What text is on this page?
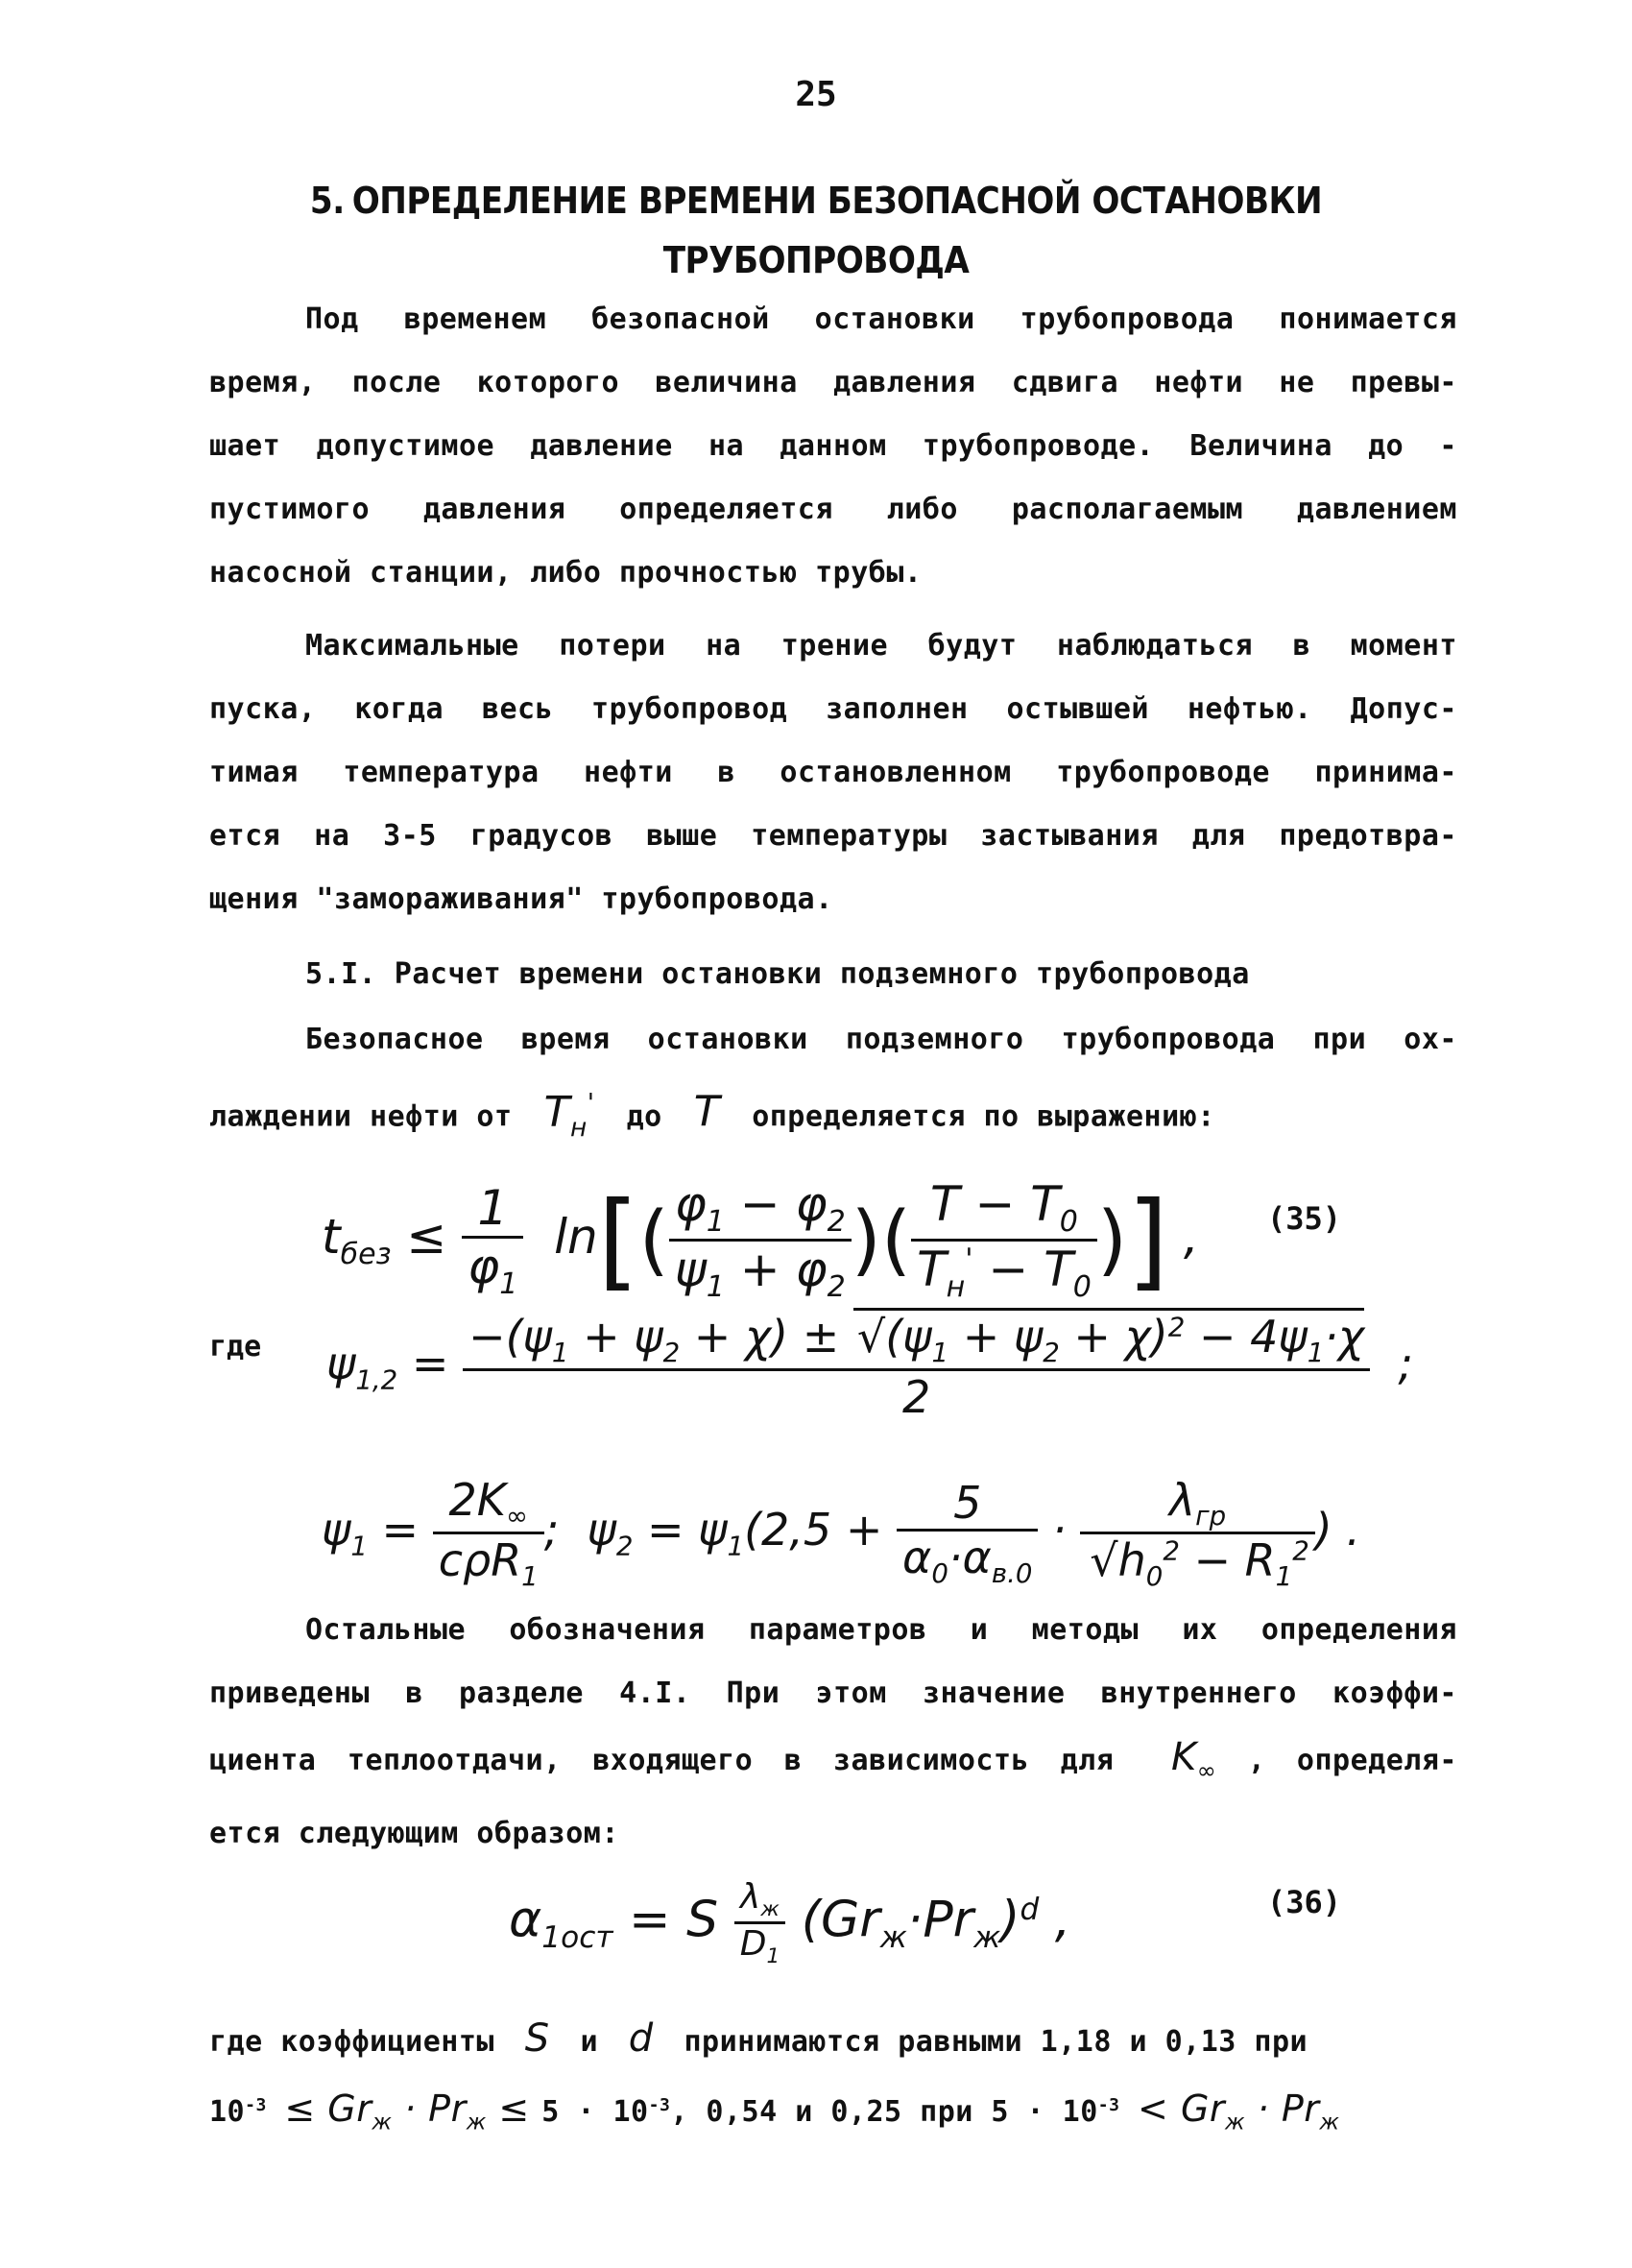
25
5. ОПРЕДЕЛЕНИЕ ВРЕМЕНИ БЕЗОПАСНОЙ ОСТАНОВКИ
ТРУБОПРОВОДА

Под временем безопасной остановки трубопровода понимается
время, после которого величина давления сдвига нефти не превы-
шает допустимое давление на данном трубопроводе. Величина до -
пустимого давления определяется либо располагаемым давлением
насосной станции, либо прочностью трубы.

Максимальные потери на трение будут наблюдаться в момент
пуска, когда весь трубопровод заполнен остывшей нефтью. Допус-
тимая температура нефти в остановленном трубопроводе принима-
ется на 3-5 градусов выше температуры застывания для предотвра-
щения "замораживания" трубопровода.

5.I. Расчет времени остановки подземного трубопровода

Безопасное время остановки подземного трубопровода при ох-
лаждении нефти от  $T_н'$ до  T  определяется по выражению:

$t_{без} \le \frac{1}{\varphi_1} \ln[( \frac{\varphi_1 - \varphi_2}{\psi_1 + \varphi_2}$ )( $\frac{T - T_0}{T_н' - T_0}$ )] , (35)
где $\psi_{1,2} = \frac{-(\psi_1 + \psi_2 + \chi) \pm √(\psi_1 + \psi_2 + \chi)^2 - 4\psi_1\cdot\chi}{2}$ ;
$\psi_1 = \frac{2K_\infty}{c\rho R_1}$ ;  $\psi_2 = \psi_1(2,5 + \frac{5}{\alpha_0\cdot\alpha_{в.0}} \cdot \frac{\lambda_{гр}}{√h_0^2 - R_1^2}$ ) .

Остальные обозначения параметров и методы их определения
приведены в разделе 4.I. При этом значение внутреннего коэффи-
циента теплоотдачи, входящего в зависимость для  $K_\infty$ , определя-
ется следующим образом:

$\alpha_{1ост} = S \frac{\lambda_ж}{D_1} (Gr_ж\cdot Pr_ж)^d$ ,	(36)
где коэффициенты  S  и  d  принимаются равными 1,18 и 0,13 при
$10^{-3} \le Gr_ж \cdot Pr_ж \le 5 \cdot 10^{-3}$, 0,54 и 0,25 при $5 \cdot 10^{-3} < Gr_ж \cdot Pr_ж$
